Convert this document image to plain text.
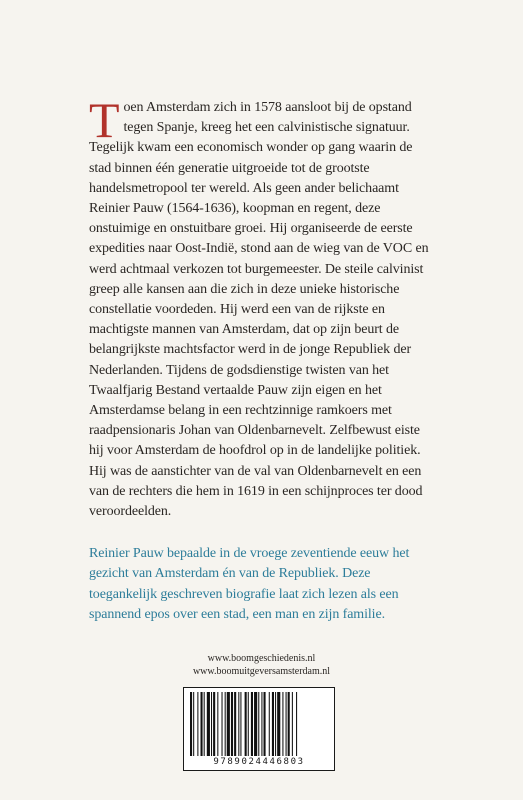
Toen Amsterdam zich in 1578 aansloot bij de opstand tegen Spanje, kreeg het een calvinistische signatuur. Tegelijk kwam een economisch wonder op gang waarin de stad binnen één generatie uitgroeide tot de grootste handelsmetropool ter wereld. Als geen ander belichaamt Reinier Pauw (1564-1636), koopman en regent, deze onstuimige en onstuitbare groei. Hij organiseerde de eerste expedities naar Oost-Indië, stond aan de wieg van de VOC en werd achtmaal verkozen tot burgemeester. De steile calvinist greep alle kansen aan die zich in deze unieke historische constellatie voordeden. Hij werd een van de rijkste en machtigste mannen van Amsterdam, dat op zijn beurt de belangrijkste machtsfactor werd in de jonge Republiek der Nederlanden. Tijdens de godsdienstige twisten van het Twaalfjarig Bestand vertaalde Pauw zijn eigen en het Amsterdamse belang in een rechtzinnige ramkoers met raadpensionaris Johan van Oldenbarnevelt. Zelfbewust eiste hij voor Amsterdam de hoofdrol op in de landelijke politiek. Hij was de aanstichter van de val van Oldenbarnevelt en een van de rechters die hem in 1619 in een schijnproces ter dood veroordeelden.

Reinier Pauw bepaalde in de vroege zeventiende eeuw het gezicht van Amsterdam én van de Republiek. Deze toegankelijk geschreven biografie laat zich lezen als een spannend epos over een stad, een man en zijn familie.

www.boomgeschiedenis.nl
www.boomuitgeversamsterdam.nl
9789024446803
